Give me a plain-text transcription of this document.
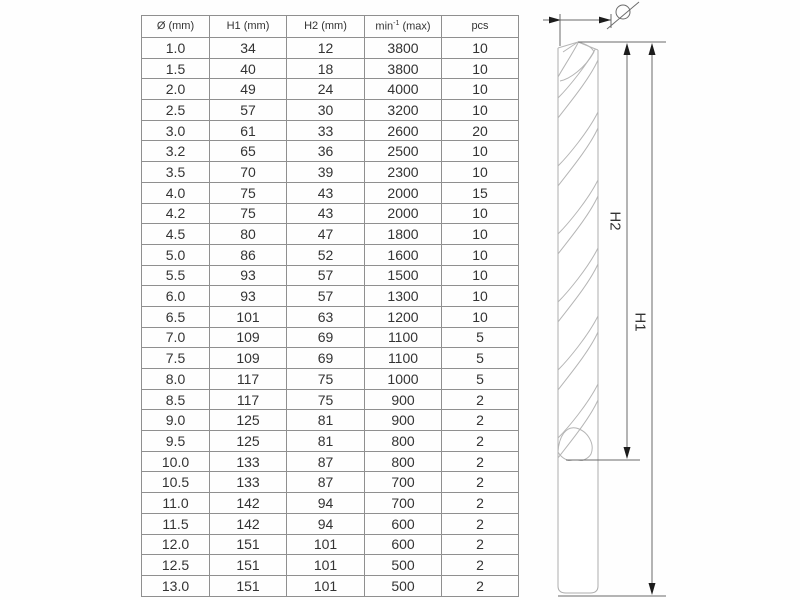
Ø (mm)	H1 (mm)	H2 (mm)	$\min^{-1} (\max)$	pcs
1.0	34	12	3800	10
1.5	40	18	3800	10
2.0	49	24	4000	10
2.5	57	30	3200	10
3.0	61	33	2600	20
3.2	65	36	2500	10
3.5	70	39	2300	10
4.0	75	43	2000	15
4.2	75	43	2000	10
4.5	80	47	1800	10
5.0	86	52	1600	10
5.5	93	57	1500	10
6.0	93	57	1300	10
6.5	101	63	1200	10
7.0	109	69	1100	5
7.5	109	69	1100	5
8.0	117	75	1000	5
8.5	117	75	900	2
9.0	125	81	900	2
9.5	125	81	800	2
10.0	133	87	800	2
10.5	133	87	700	2
11.0	142	94	700	2
11.5	142	94	600	2
12.0	151	101	600	2
12.5	151	101	500	2
13.0	151	101	500	2
H2
H1
